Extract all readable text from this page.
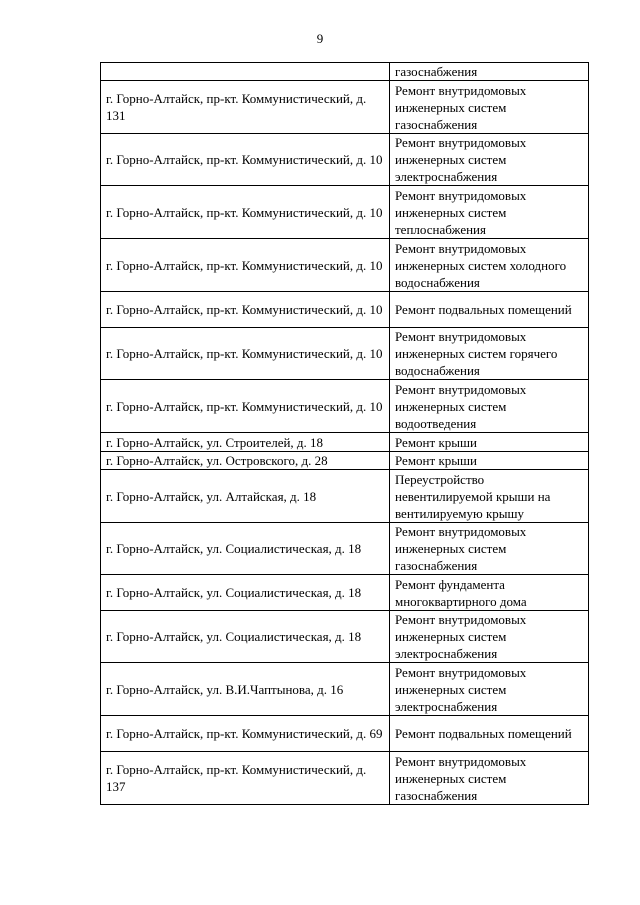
9
	газоснабжения
г. Горно-Алтайск, пр-кт. Коммунистический, д. 131	Ремонт внутридомовых инженерных систем газоснабжения
г. Горно-Алтайск, пр-кт. Коммунистический, д. 10	Ремонт внутридомовых инженерных систем электроснабжения
г. Горно-Алтайск, пр-кт. Коммунистический, д. 10	Ремонт внутридомовых инженерных систем теплоснабжения
г. Горно-Алтайск, пр-кт. Коммунистический, д. 10	Ремонт внутридомовых инженерных систем холодного водоснабжения
г. Горно-Алтайск, пр-кт. Коммунистический, д. 10	Ремонт подвальных помещений
г. Горно-Алтайск, пр-кт. Коммунистический, д. 10	Ремонт внутридомовых инженерных систем горячего водоснабжения
г. Горно-Алтайск, пр-кт. Коммунистический, д. 10	Ремонт внутридомовых инженерных систем водоотведения
г. Горно-Алтайск, ул. Строителей, д. 18	Ремонт крыши
г. Горно-Алтайск, ул. Островского, д. 28	Ремонт крыши
г. Горно-Алтайск, ул. Алтайская, д. 18	Переустройство невентилируемой крыши на вентилируемую крышу
г. Горно-Алтайск, ул. Социалистическая, д. 18	Ремонт внутридомовых инженерных систем газоснабжения
г. Горно-Алтайск, ул. Социалистическая, д. 18	Ремонт фундамента многоквартирного дома
г. Горно-Алтайск, ул. Социалистическая, д. 18	Ремонт внутридомовых инженерных систем электроснабжения
г. Горно-Алтайск, ул. В.И.Чаптынова, д. 16	Ремонт внутридомовых инженерных систем электроснабжения
г. Горно-Алтайск, пр-кт. Коммунистический, д. 69	Ремонт подвальных помещений
г. Горно-Алтайск, пр-кт. Коммунистический, д. 137	Ремонт внутридомовых инженерных систем газоснабжения
